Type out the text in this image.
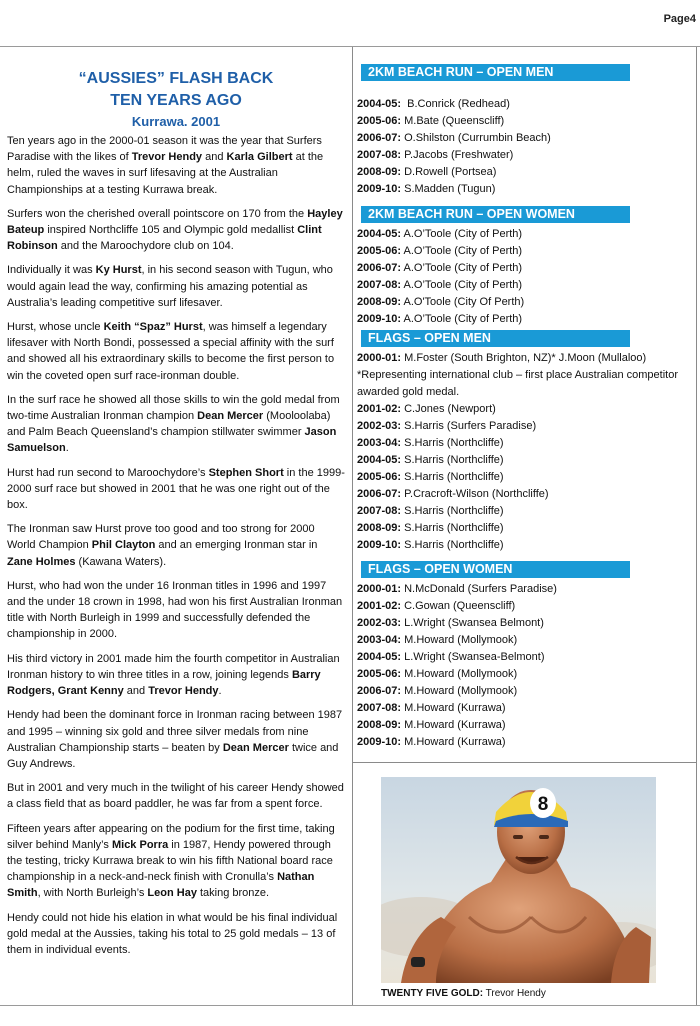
Page4
“AUSSIES” FLASH BACK
TEN YEARS AGO
Kurrawa. 2001

Ten years ago in the 2000-01 season it was the year that Surfers Paradise with the likes of Trevor Hendy and Karla Gilbert at the helm, ruled the waves in surf lifesaving at the Australian Championships at a testing Kurrawa break.

Surfers won the cherished overall pointscore on 170 from the Hayley Bateup inspired Northcliffe 105 and Olympic gold medallist Clint Robinson and the Maroochydore club on 104.

Individually it was Ky Hurst, in his second season with Tugun, who would again lead the way, confirming his amazing potential as Australia’s leading competitive surf lifesaver.

Hurst, whose uncle Keith “Spaz” Hurst, was himself a legendary lifesaver with North Bondi, possessed a special affinity with the surf and showed all his extraordinary skills to become the first person to win the coveted open surf race-ironman double.

In the surf race he showed all those skills to win the gold medal from two-time Australian Ironman champion Dean Mercer (Mooloolaba) and Palm Beach Queensland’s champion stillwater swimmer Jason Samuelson.

Hurst had run second to Maroochydore’s Stephen Short in the 1999-2000 surf race but showed in 2001 that he was one right out of the box.

The Ironman saw Hurst prove too good and too strong for 2000 World Champion Phil Clayton and an emerging Ironman star in Zane Holmes (Kawana Waters).

Hurst, who had won the under 16 Ironman titles in 1996 and 1997 and the under 18 crown in 1998, had won his first Australian Ironman title with North Burleigh in 1999 and successfully defended the championship in 2000.

His third victory in 2001 made him the fourth competitor in Australian Ironman history to win three titles in a row, joining legends Barry Rodgers, Grant Kenny and Trevor Hendy.

Hendy had been the dominant force in Ironman racing between 1987 and 1995 – winning six gold and three silver medals from nine Australian Championship starts – beaten by Dean Mercer twice and Guy Andrews.

But in 2001 and very much in the twilight of his career Hendy showed a class field that as board paddler, he was far from a spent force.

Fifteen years after appearing on the podium for the first time, taking silver behind Manly’s Mick Porra in 1987, Hendy powered through the testing, tricky Kurrawa break to win his fifth National board race championship in a neck-and-neck finish with Cronulla’s Nathan Smith, with North Burleigh’s Leon Hay taking bronze.

Hendy could not hide his elation in what would be his final individual gold medal at the Aussies, taking his total to 25 gold medals – 13 of them in individual events.

2KM BEACH RUN – OPEN MEN
2004-05:  B.Conrick (Redhead)
2005-06: M.Bate (Queenscliff)
2006-07: O.Shilston (Currumbin Beach)
2007-08: P.Jacobs (Freshwater)
2008-09: D.Rowell (Portsea)
2009-10: S.Madden (Tugun)
2KM BEACH RUN – OPEN WOMEN
2004-05: A.O’Toole (City of Perth)
2005-06: A.O’Toole (City of Perth)
2006-07: A.O’Toole (City of Perth)
2007-08: A.O’Toole (City of Perth)
2008-09: A.O'Toole (City Of Perth)
2009-10: A.O’Toole (City of Perth)
FLAGS – OPEN MEN
2000-01: M.Foster (South Brighton, NZ)* J.Moon (Mullaloo) *Representing international club – first place Australian competitor awarded gold medal.
2001-02: C.Jones (Newport)
2002-03: S.Harris (Surfers Paradise)
2003-04: S.Harris (Northcliffe)
2004-05: S.Harris (Northcliffe)
2005-06: S.Harris (Northcliffe)
2006-07: P.Cracroft-Wilson (Northcliffe)
2007-08: S.Harris (Northcliffe)
2008-09: S.Harris (Northcliffe)
2009-10: S.Harris (Northcliffe)
FLAGS – OPEN WOMEN
2000-01: N.McDonald (Surfers Paradise)
2001-02: C.Gowan (Queenscliff)
2002-03: L.Wright (Swansea Belmont)
2003-04: M.Howard (Mollymook)
2004-05: L.Wright (Swansea-Belmont)
2005-06: M.Howard (Mollymook)
2006-07: M.Howard (Mollymook)
2007-08: M.Howard (Kurrawa)
2008-09: M.Howard (Kurrawa)
2009-10: M.Howard (Kurrawa)
8
TWENTY FIVE GOLD: Trevor Hendy
